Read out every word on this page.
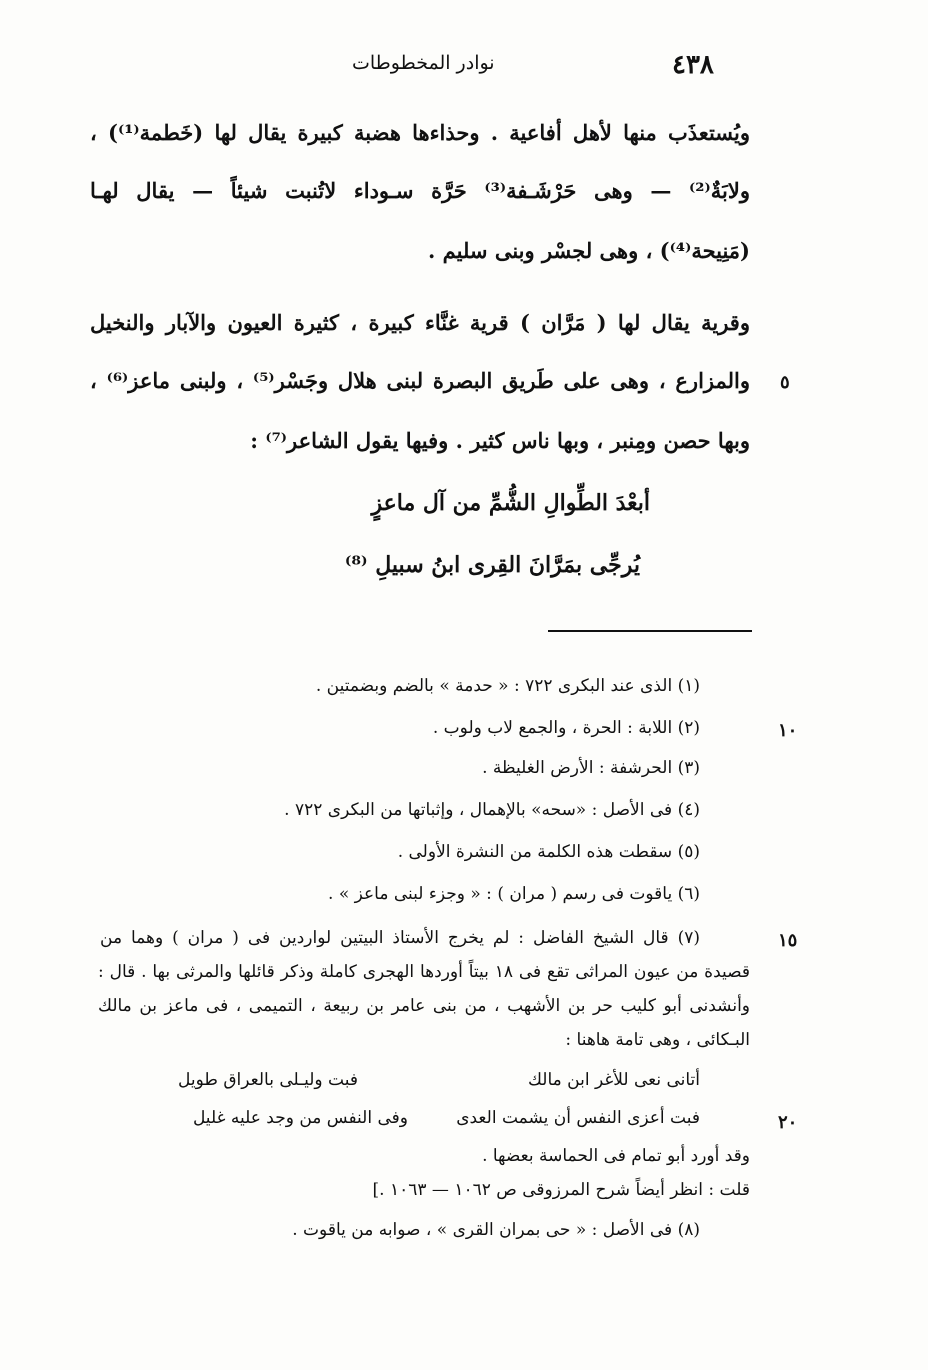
٤٣٨
نوادر المخطوطات
ويُستعذَب منها لأهل أفاعية . وحذاءها هضبة كبيرة يقال لها (خَطمة⁽¹⁾) ،
ولابَةٌ⁽²⁾ — وهى حَرْشَـفة⁽³⁾ حَرَّة سـوداء لاتُنبت شيئاً — يقال لهـا
(مَنِيحة⁽⁴⁾) ، وهى لجسْر وبنى سليم .
وقرية يقال لها ( مَرَّان ) قرية غنَّاء كبيرة ، كثيرة العيون والآبار والنخيل
والمزارع ، وهى على طَريق البصرة لبنى هلال وجَسْر⁽⁵⁾ ، ولبنى ماعز⁽⁶⁾ ،
وبها حصن ومِنبر ، وبها ناس كثير . وفيها يقول الشاعر⁽⁷⁾ :
٥
أبعْدَ الطِّوالِ الشُّمِّ من آل ماعزٍ
يُرجِّى بمَرَّانَ القِرى ابنُ سبيلِ ⁽⁸⁾
(١) الذى عند البكرى ٧٢٢ : « حدمة » بالضم وبضمتين .
(٢) اللابة : الحرة ، والجمع لاب ولوب .	١٠
(٣) الحرشفة : الأرض الغليظة .
(٤) فى الأصل : «سحه» بالإهمال ، وإثباتها من البكرى ٧٢٢ .
(٥) سقطت هذه الكلمة من النشرة الأولى .
(٦) ياقوت فى رسم ( مران ) : « وجزء لبنى ماعز » .
(٧) قال الشيخ الفاضل : لم يخرج الأستاذ البيتين لواردين فى ( مران ) وهما من	١٥
قصيدة من عيون المراثى تقع فى ١٨ بيتاً أوردها الهجرى كاملة وذكر قائلها والمرثى بها . قال :
وأنشدنى أبو كليب حر بن الأشهب ، من بنى عامر بن ربيعة ، التميمى ، فى ماعز بن مالك
البـكائى ، وهى تامة هاهنا :
أتانى نعى للأغر ابن مالك
فبت وليـلى بالعراق طويل
فبت أعزى النفس أن يشمت العدى
وفى النفس من وجد عليه غليل	٢٠
وقد أورد أبو تمام فى الحماسة بعضها .
قلت : انظر أيضاً شرح المرزوقى ص ١٠٦٢ — ١٠٦٣ .]
(٨) فى الأصل : « حى بمران القرى » ، صوابه من ياقوت .
